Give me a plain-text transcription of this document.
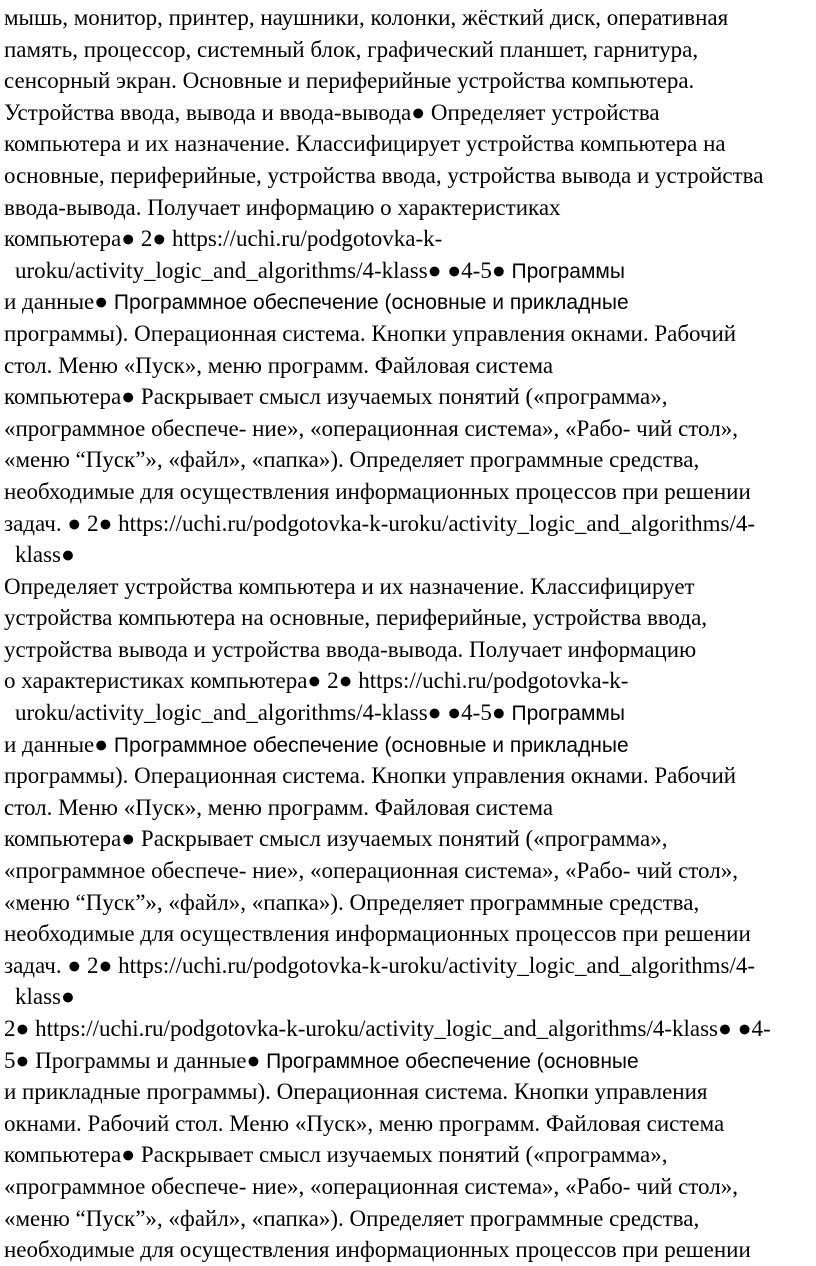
мышь, монитор, принтер, наушники, колонки, жёсткий диск, оперативная
память, процессор, системный блок, графический планшет, гарнитура,
сенсорный экран. Основные и периферийные устройства компьютера.
Устройства ввода, вывода и ввода-вывода● Определяет устройства
компьютера и их назначение. Классифицирует устройства компьютера на
основные, периферийные, устройства ввода, устройства вывода и устройства
ввода-вывода. Получает информацию о характеристиках
компьютера● 2● https://uchi.ru/podgotovka-k-
uroku/activity_logic_and_algorithms/4-klass● ●4-5● Программы
и данные● Программное обеспечение (основные и прикладные
программы). Операционная система. Кнопки управления окнами. Рабочий
стол. Меню «Пуск», меню программ. Файловая система
компьютера● Раскрывает смысл изучаемых понятий («программа»,
«программное обеспече- ние», «операционная система», «Рабо- чий стол»,
«меню “Пуск”», «файл», «папка»). Определяет программные средства,
необходимые для осуществления информационных процессов при решении
задач. ● 2● https://uchi.ru/podgotovka-k-uroku/activity_logic_and_algorithms/4-
klass●
Определяет устройства компьютера и их назначение. Классифицирует
устройства компьютера на основные, периферийные, устройства ввода,
устройства вывода и устройства ввода-вывода. Получает информацию
о характеристиках компьютера● 2● https://uchi.ru/podgotovka-k-
uroku/activity_logic_and_algorithms/4-klass● ●4-5● Программы
и данные● Программное обеспечение (основные и прикладные
программы). Операционная система. Кнопки управления окнами. Рабочий
стол. Меню «Пуск», меню программ. Файловая система
компьютера● Раскрывает смысл изучаемых понятий («программа»,
«программное обеспече- ние», «операционная система», «Рабо- чий стол»,
«меню “Пуск”», «файл», «папка»). Определяет программные средства,
необходимые для осуществления информационных процессов при решении
задач. ● 2● https://uchi.ru/podgotovka-k-uroku/activity_logic_and_algorithms/4-
klass●
2● https://uchi.ru/podgotovka-k-uroku/activity_logic_and_algorithms/4-klass● ●4-
5● Программы и данные● Программное обеспечение (основные
и прикладные программы). Операционная система. Кнопки управления
окнами. Рабочий стол. Меню «Пуск», меню программ. Файловая система
компьютера● Раскрывает смысл изучаемых понятий («программа»,
«программное обеспече- ние», «операционная система», «Рабо- чий стол»,
«меню “Пуск”», «файл», «папка»). Определяет программные средства,
необходимые для осуществления информационных процессов при решении
